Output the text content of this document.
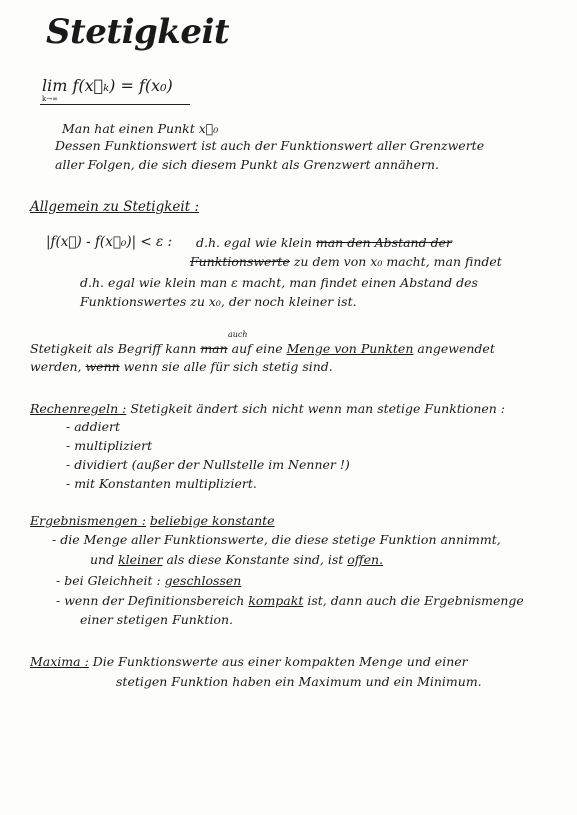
Stetigkeit
lim f(x⃗ₖ) = f(x₀)
k→∞
Man hat einen Punkt x⃗₀
Dessen Funktionswert ist auch der Funktionswert aller Grenzwerte
aller Folgen, die sich diesem Punkt als Grenzwert annähern.
Allgemein zu Stetigkeit :
|f(x⃗) - f(x⃗₀)| < ε : d.h. egal wie klein man den Abstand der
Funktionswerte zu dem von x₀ macht, man findet
d.h. egal wie klein man ε macht, man findet einen Abstand des
Funktionswertes zu x₀, der noch kleiner ist.
auch
Stetigkeit als Begriff kann man auf eine Menge von Punkten angewendet
werden, wenn wenn sie alle für sich stetig sind.
Rechenregeln : Stetigkeit ändert sich nicht wenn man stetige Funktionen :
- addiert
- multipliziert
- dividiert (außer der Nullstelle im Nenner !)
- mit Konstanten multipliziert.
Ergebnismengen : beliebige konstante
- die Menge aller Funktionswerte, die diese stetige Funktion annimmt,
und kleiner als diese Konstante sind, ist offen.
- bei Gleichheit : geschlossen
- wenn der Definitionsbereich kompakt ist, dann auch die Ergebnismenge
einer stetigen Funktion.
Maxima : Die Funktionswerte aus einer kompakten Menge und einer
stetigen Funktion haben ein Maximum und ein Minimum.
